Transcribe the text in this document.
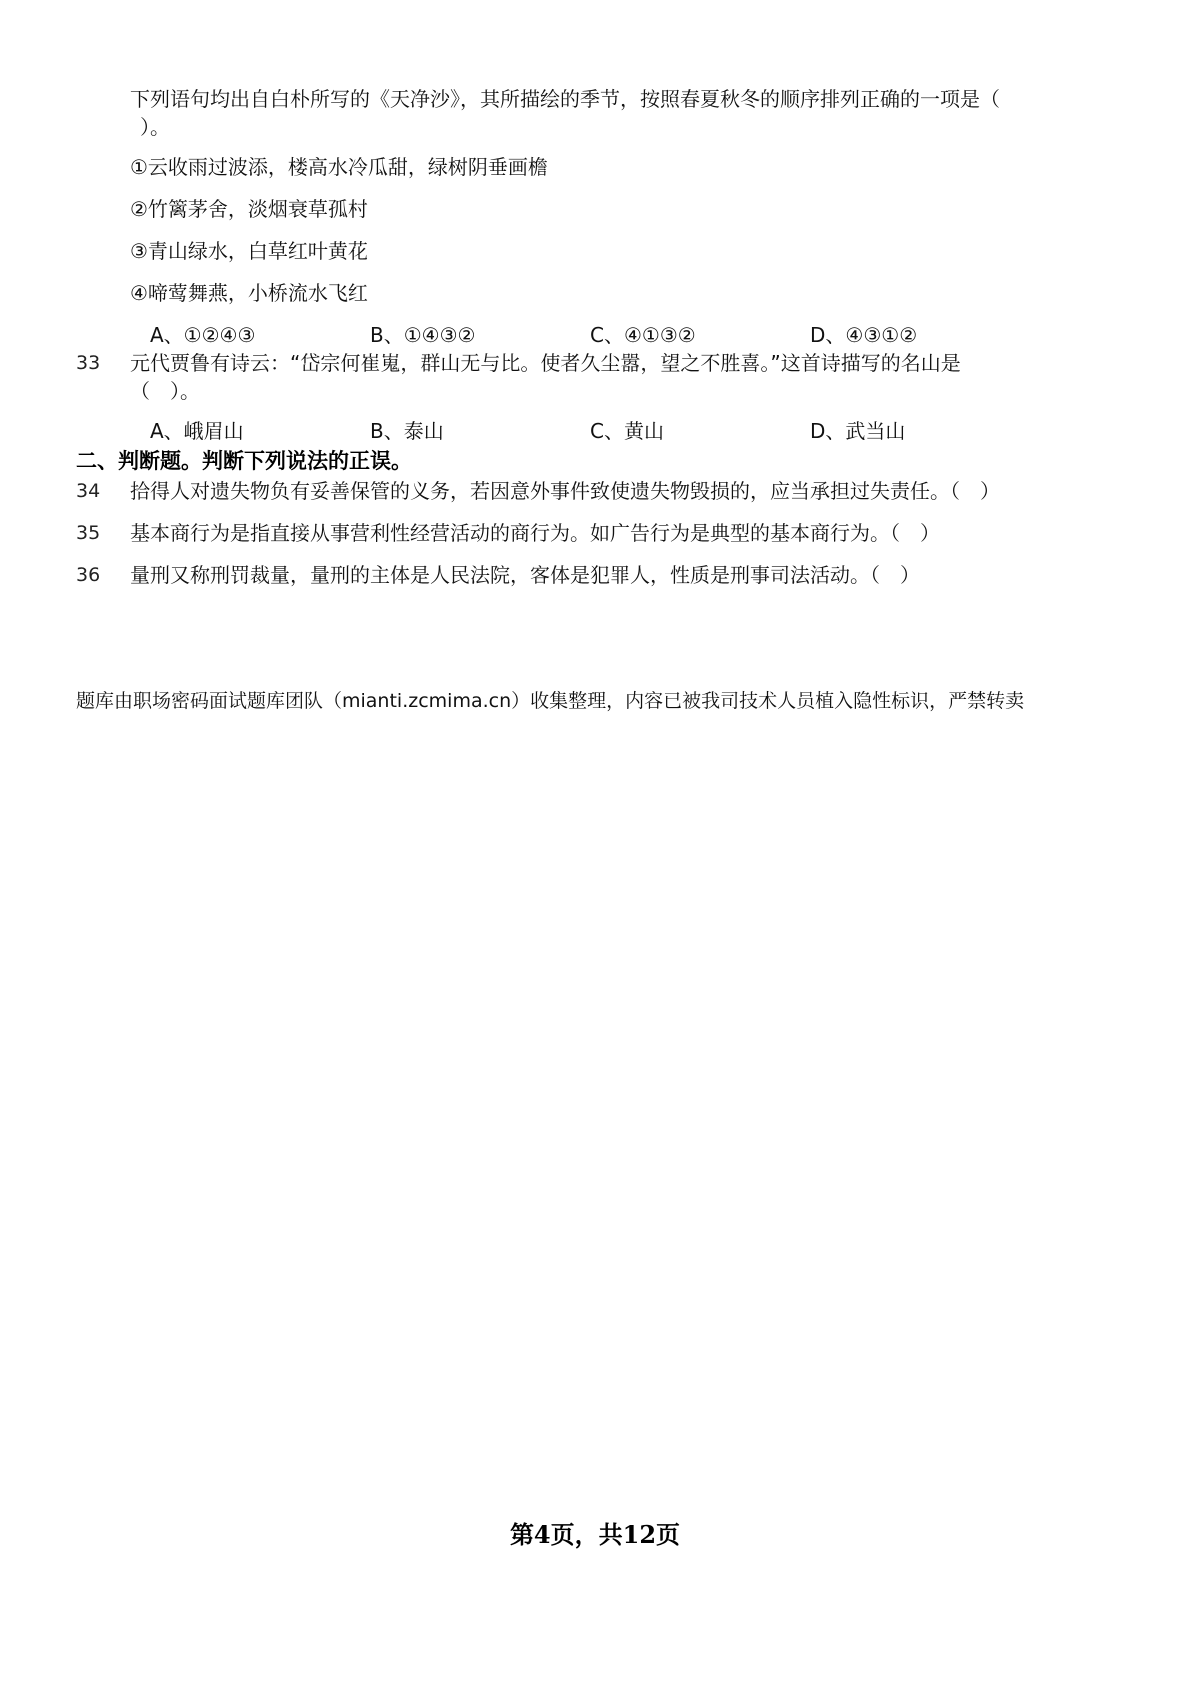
下列语句均出自白朴所写的《天净沙》，其所描绘的季节，按照春夏秋冬的顺序排列正确的一项是（
）。
①云收雨过波添，楼高水冷瓜甜，绿树阴垂画檐
②竹篱茅舍，淡烟衰草孤村
③青山绿水，白草红叶黄花
④啼莺舞燕，小桥流水飞红
A、①②④③	B、①④③②	C、④①③②	D、④③①②
33 元代贾鲁有诗云：“岱宗何崔嵬，群山无与比。使者久尘嚣，望之不胜喜。”这首诗描写的名山是
（　）。
A、峨眉山	B、泰山	C、黄山	D、武当山
二、判断题。判断下列说法的正误。
34 拾得人对遗失物负有妥善保管的义务，若因意外事件致使遗失物毁损的，应当承担过失责任。（　）
35 基本商行为是指直接从事营利性经营活动的商行为。如广告行为是典型的基本商行为。（　）
36 量刑又称刑罚裁量，量刑的主体是人民法院，客体是犯罪人，性质是刑事司法活动。（　）
题库由职场密码面试题库团队（mianti.zcmima.cn）收集整理，内容已被我司技术人员植入隐性标识，严禁转卖
第4页，共12页
